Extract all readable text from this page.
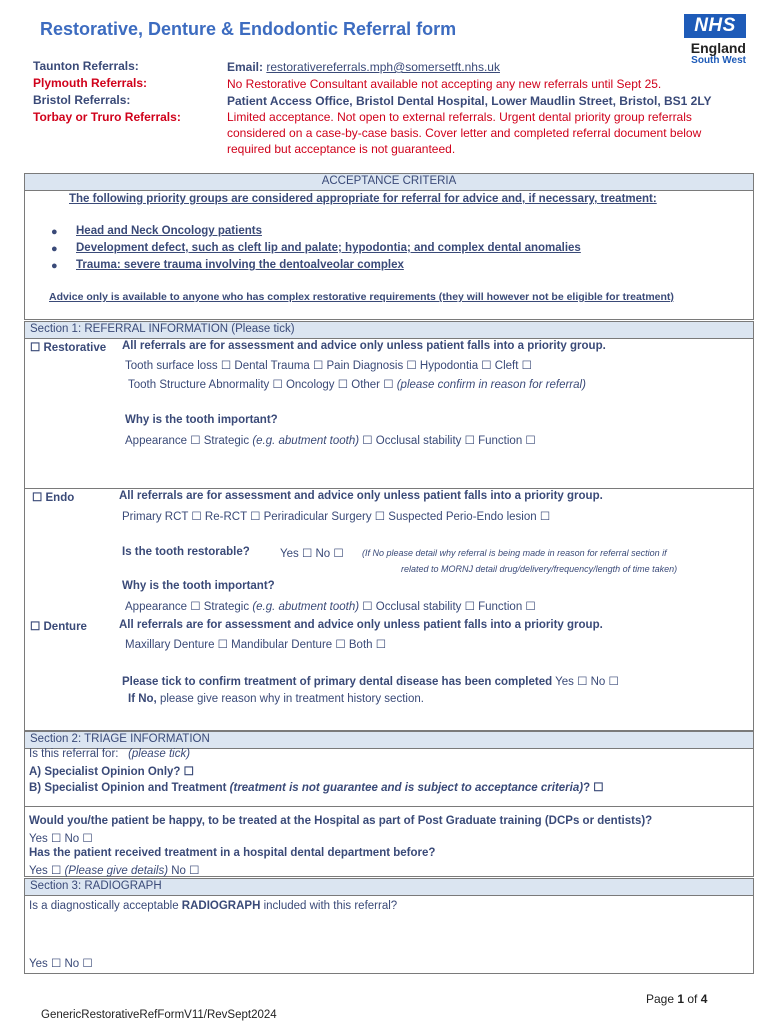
Restorative, Denture & Endodontic Referral form	NHS
England
South West
Taunton Referrals:	Email: restorativereferrals.mph@somersetft.nhs.uk
Plymouth Referrals:	No Restorative Consultant available not accepting any new referrals until Sept 25.
Bristol Referrals:	Patient Access Office, Bristol Dental Hospital, Lower Maudlin Street, Bristol, BS1 2LY
Torbay or Truro Referrals:	Limited acceptance. Not open to external referrals. Urgent dental priority group referrals considered on a case-by-case basis. Cover letter and completed referral document below required but acceptance is not guaranteed.
ACCEPTANCE CRITERIA
The following priority groups are considered appropriate for referral for advice and, if necessary, treatment:
● Head and Neck Oncology patients
● Development defect, such as cleft lip and palate; hypodontia; and complex dental anomalies
● Trauma: severe trauma involving the dentoalveolar complex
Advice only is available to anyone who has complex restorative requirements (they will however not be eligible for treatment)
Section 1: REFERRAL INFORMATION (Please tick)
☐ Restorative All referrals are for assessment and advice only unless patient falls into a priority group.
Tooth surface loss ☐ Dental Trauma ☐ Pain Diagnosis ☐ Hypodontia ☐ Cleft ☐
Tooth Structure Abnormality ☐ Oncology ☐ Other ☐ (please confirm in reason for referral)
Why is the tooth important?
Appearance ☐ Strategic (e.g. abutment tooth) ☐ Occlusal stability ☐ Function ☐
☐ Endo	All referrals are for assessment and advice only unless patient falls into a priority group.
Primary RCT ☐ Re-RCT ☐ Periradicular Surgery ☐ Suspected Perio-Endo lesion ☐
Is the tooth restorable?	Yes ☐ No ☐ (If No please detail why referral is being made in reason for referral section if
related to MORNJ detail drug/delivery/frequency/length of time taken)
Why is the tooth important?
Appearance ☐ Strategic (e.g. abutment tooth) ☐ Occlusal stability ☐ Function ☐
☐ Denture	All referrals are for assessment and advice only unless patient falls into a priority group.
Maxillary Denture ☐ Mandibular Denture ☐ Both ☐
Please tick to confirm treatment of primary dental disease has been completed Yes ☐ No ☐
If No, please give reason why in treatment history section.
Section 2: TRIAGE INFORMATION
Is this referral for: (please tick)
A) Specialist Opinion Only? ☐
B) Specialist Opinion and Treatment (treatment is not guarantee and is subject to acceptance criteria)? ☐
Would you/the patient be happy, to be treated at the Hospital as part of Post Graduate training (DCPs or dentists)?
Yes ☐ No ☐
Has the patient received treatment in a hospital dental department before?
Yes ☐ (Please give details) No ☐
Section 3: RADIOGRAPH
Is a diagnostically acceptable RADIOGRAPH included with this referral?
Yes ☐ No ☐
Page 1 of 4
GenericRestorativeRefFormV11/RevSept2024
